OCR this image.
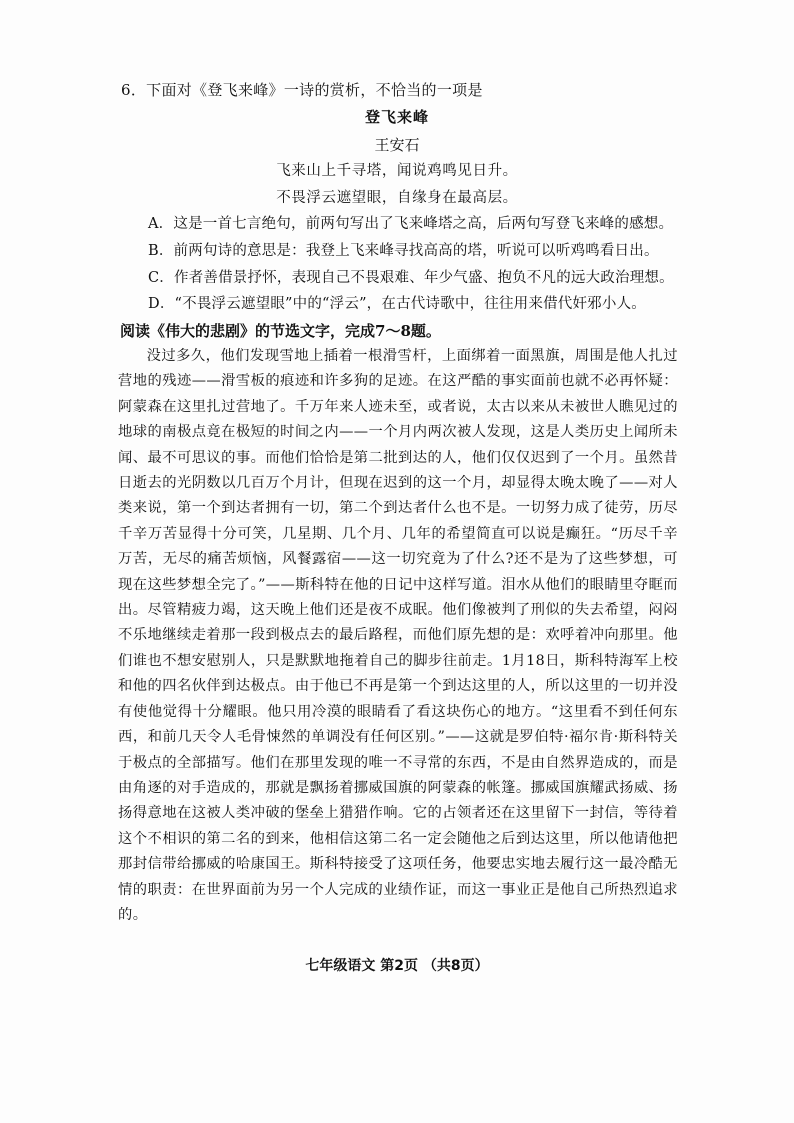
6．下面对《登飞来峰》一诗的赏析，不恰当的一项是
登飞来峰
王安石
飞来山上千寻塔，闻说鸡鸣见日升。
不畏浮云遮望眼，自缘身在最高层。
A．这是一首七言绝句，前两句写出了飞来峰塔之高，后两句写登飞来峰的感想。
B．前两句诗的意思是：我登上飞来峰寻找高高的塔，听说可以听鸡鸣看日出。
C．作者善借景抒怀，表现自己不畏艰难、年少气盛、抱负不凡的远大政治理想。
D．“不畏浮云遮望眼”中的“浮云”，在古代诗歌中，往往用来借代奸邪小人。
阅读《伟大的悲剧》的节选文字，完成7～8题。

没过多久，他们发现雪地上插着一根滑雪杆，上面绑着一面黑旗，周围是他人扎过营地的残迹——滑雪板的痕迹和许多狗的足迹。在这严酷的事实面前也就不必再怀疑：阿蒙森在这里扎过营地了。千万年来人迹未至，或者说，太古以来从未被世人瞧见过的地球的南极点竟在极短的时间之内——一个月内两次被人发现，这是人类历史上闻所未闻、最不可思议的事。而他们恰恰是第二批到达的人，他们仅仅迟到了一个月。虽然昔日逝去的光阴数以几百万个月计，但现在迟到的这一个月，却显得太晚太晚了——对人类来说，第一个到达者拥有一切，第二个到达者什么也不是。一切努力成了徒劳，历尽千辛万苦显得十分可笑，几星期、几个月、几年的希望简直可以说是癫狂。“历尽千辛万苦，无尽的痛苦烦恼，风餐露宿——这一切究竟为了什么?还不是为了这些梦想，可现在这些梦想全完了。”——斯科特在他的日记中这样写道。泪水从他们的眼睛里夺眶而出。尽管精疲力竭，这天晚上他们还是夜不成眠。他们像被判了刑似的失去希望，闷闷不乐地继续走着那一段到极点去的最后路程，而他们原先想的是：欢呼着冲向那里。他们谁也不想安慰别人，只是默默地拖着自己的脚步往前走。1月18日，斯科特海军上校和他的四名伙伴到达极点。由于他已不再是第一个到达这里的人，所以这里的一切并没有使他觉得十分耀眼。他只用冷漠的眼睛看了看这块伤心的地方。“这里看不到任何东西，和前几天令人毛骨悚然的单调没有任何区别。”——这就是罗伯特·福尔肯·斯科特关于极点的全部描写。他们在那里发现的唯一不寻常的东西，不是由自然界造成的，而是由角逐的对手造成的，那就是飘扬着挪威国旗的阿蒙森的帐篷。挪威国旗耀武扬威、扬扬得意地在这被人类冲破的堡垒上猎猎作响。它的占领者还在这里留下一封信，等待着这个不相识的第二名的到来，他相信这第二名一定会随他之后到达这里，所以他请他把那封信带给挪威的哈康国王。斯科特接受了这项任务，他要忠实地去履行这一最冷酷无情的职责：在世界面前为另一个人完成的业绩作证，而这一事业正是他自己所热烈追求的。

七年级语文 第2页 （共8页）
